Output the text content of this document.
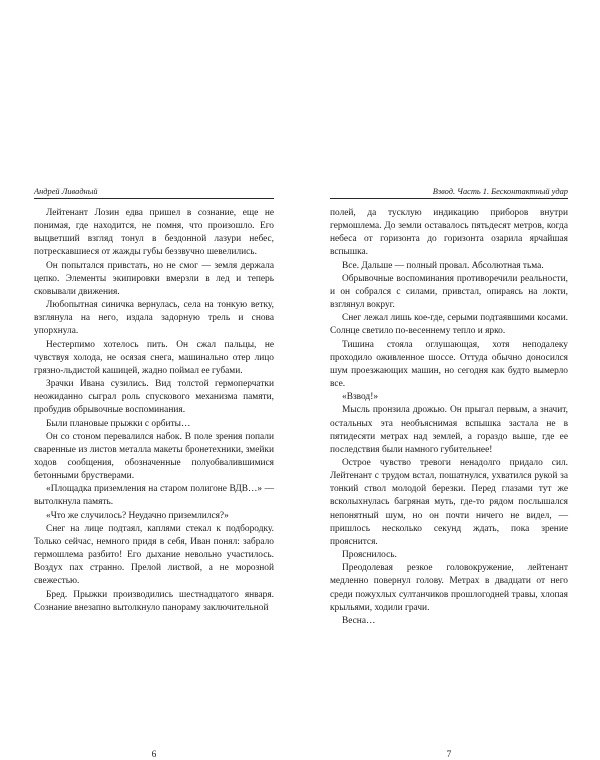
Андрей Ливадный

Лейтенант Лозин едва пришел в сознание, еще не понимая, где находится, не помня, что произошло. Его выцветший взгляд тонул в бездонной лазури небес, потрескавшиеся от жажды губы беззвучно шевелились.

Он попытался привстать, но не смог — земля держала цепко. Элементы экипировки вмерзли в лед и теперь сковывали движения.

Любопытная синичка вернулась, села на тонкую ветку, взглянула на него, издала задорную трель и снова упорхнула.

Нестерпимо хотелось пить. Он сжал пальцы, не чувствуя холода, не осязая снега, машинально отер лицо грязно-льдистой кашицей, жадно поймал ее губами.

Зрачки Ивана сузились. Вид толстой гермоперчатки неожиданно сыграл роль спускового механизма памяти, пробудив обрывочные воспоминания.

Были плановые прыжки с орбиты…

Он со стоном перевалился набок. В поле зрения попали сваренные из листов металла макеты бронетехники, змейки ходов сообщения, обозначенные полуобвалившимися бетонными брустверами.

«Площадка приземления на старом полигоне ВДВ…» — вытолкнула память.

«Что же случилось? Неудачно приземлился?»

Снег на лице подтаял, каплями стекал к подбородку. Только сейчас, немного придя в себя, Иван понял: забрало гермошлема разбито! Его дыхание невольно участилось. Воздух пах странно. Прелой листвой, а не морозной свежестью.

Бред. Прыжки производились шестнадцатого января. Сознание внезапно вытолкнуло панораму заключительной

6
Взвод. Часть 1. Бесконтактный удар

полей, да тусклую индикацию приборов внутри гермошлема. До земли оставалось пятьдесят метров, когда небеса от горизонта до горизонта озарила ярчайшая вспышка.

Все. Дальше — полный провал. Абсолютная тьма.

Обрывочные воспоминания противоречили реальности, и он собрался с силами, привстал, опираясь на локти, взглянул вокруг.

Снег лежал лишь кое-где, серыми подтаявшими косами. Солнце светило по-весеннему тепло и ярко.

Тишина стояла оглушающая, хотя неподалеку проходило оживленное шоссе. Оттуда обычно доносился шум проезжающих машин, но сегодня как будто вымерло все.

«Взвод!»

Мысль пронзила дрожью. Он прыгал первым, а значит, остальных эта необъяснимая вспышка застала не в пятидесяти метрах над землей, а гораздо выше, где ее последствия были намного губительнее!

Острое чувство тревоги ненадолго придало сил. Лейтенант с трудом встал, пошатнулся, ухватился рукой за тонкий ствол молодой березки. Перед глазами тут же всколыхнулась багряная муть, где-то рядом послышался непонятный шум, но он почти ничего не видел, — пришлось несколько секунд ждать, пока зрение прояснится.

Прояснилось.

Преодолевая резкое головокружение, лейтенант медленно повернул голову. Метрах в двадцати от него среди пожухлых султанчиков прошлогодней травы, хлопая крыльями, ходили грачи.

Весна…

7
